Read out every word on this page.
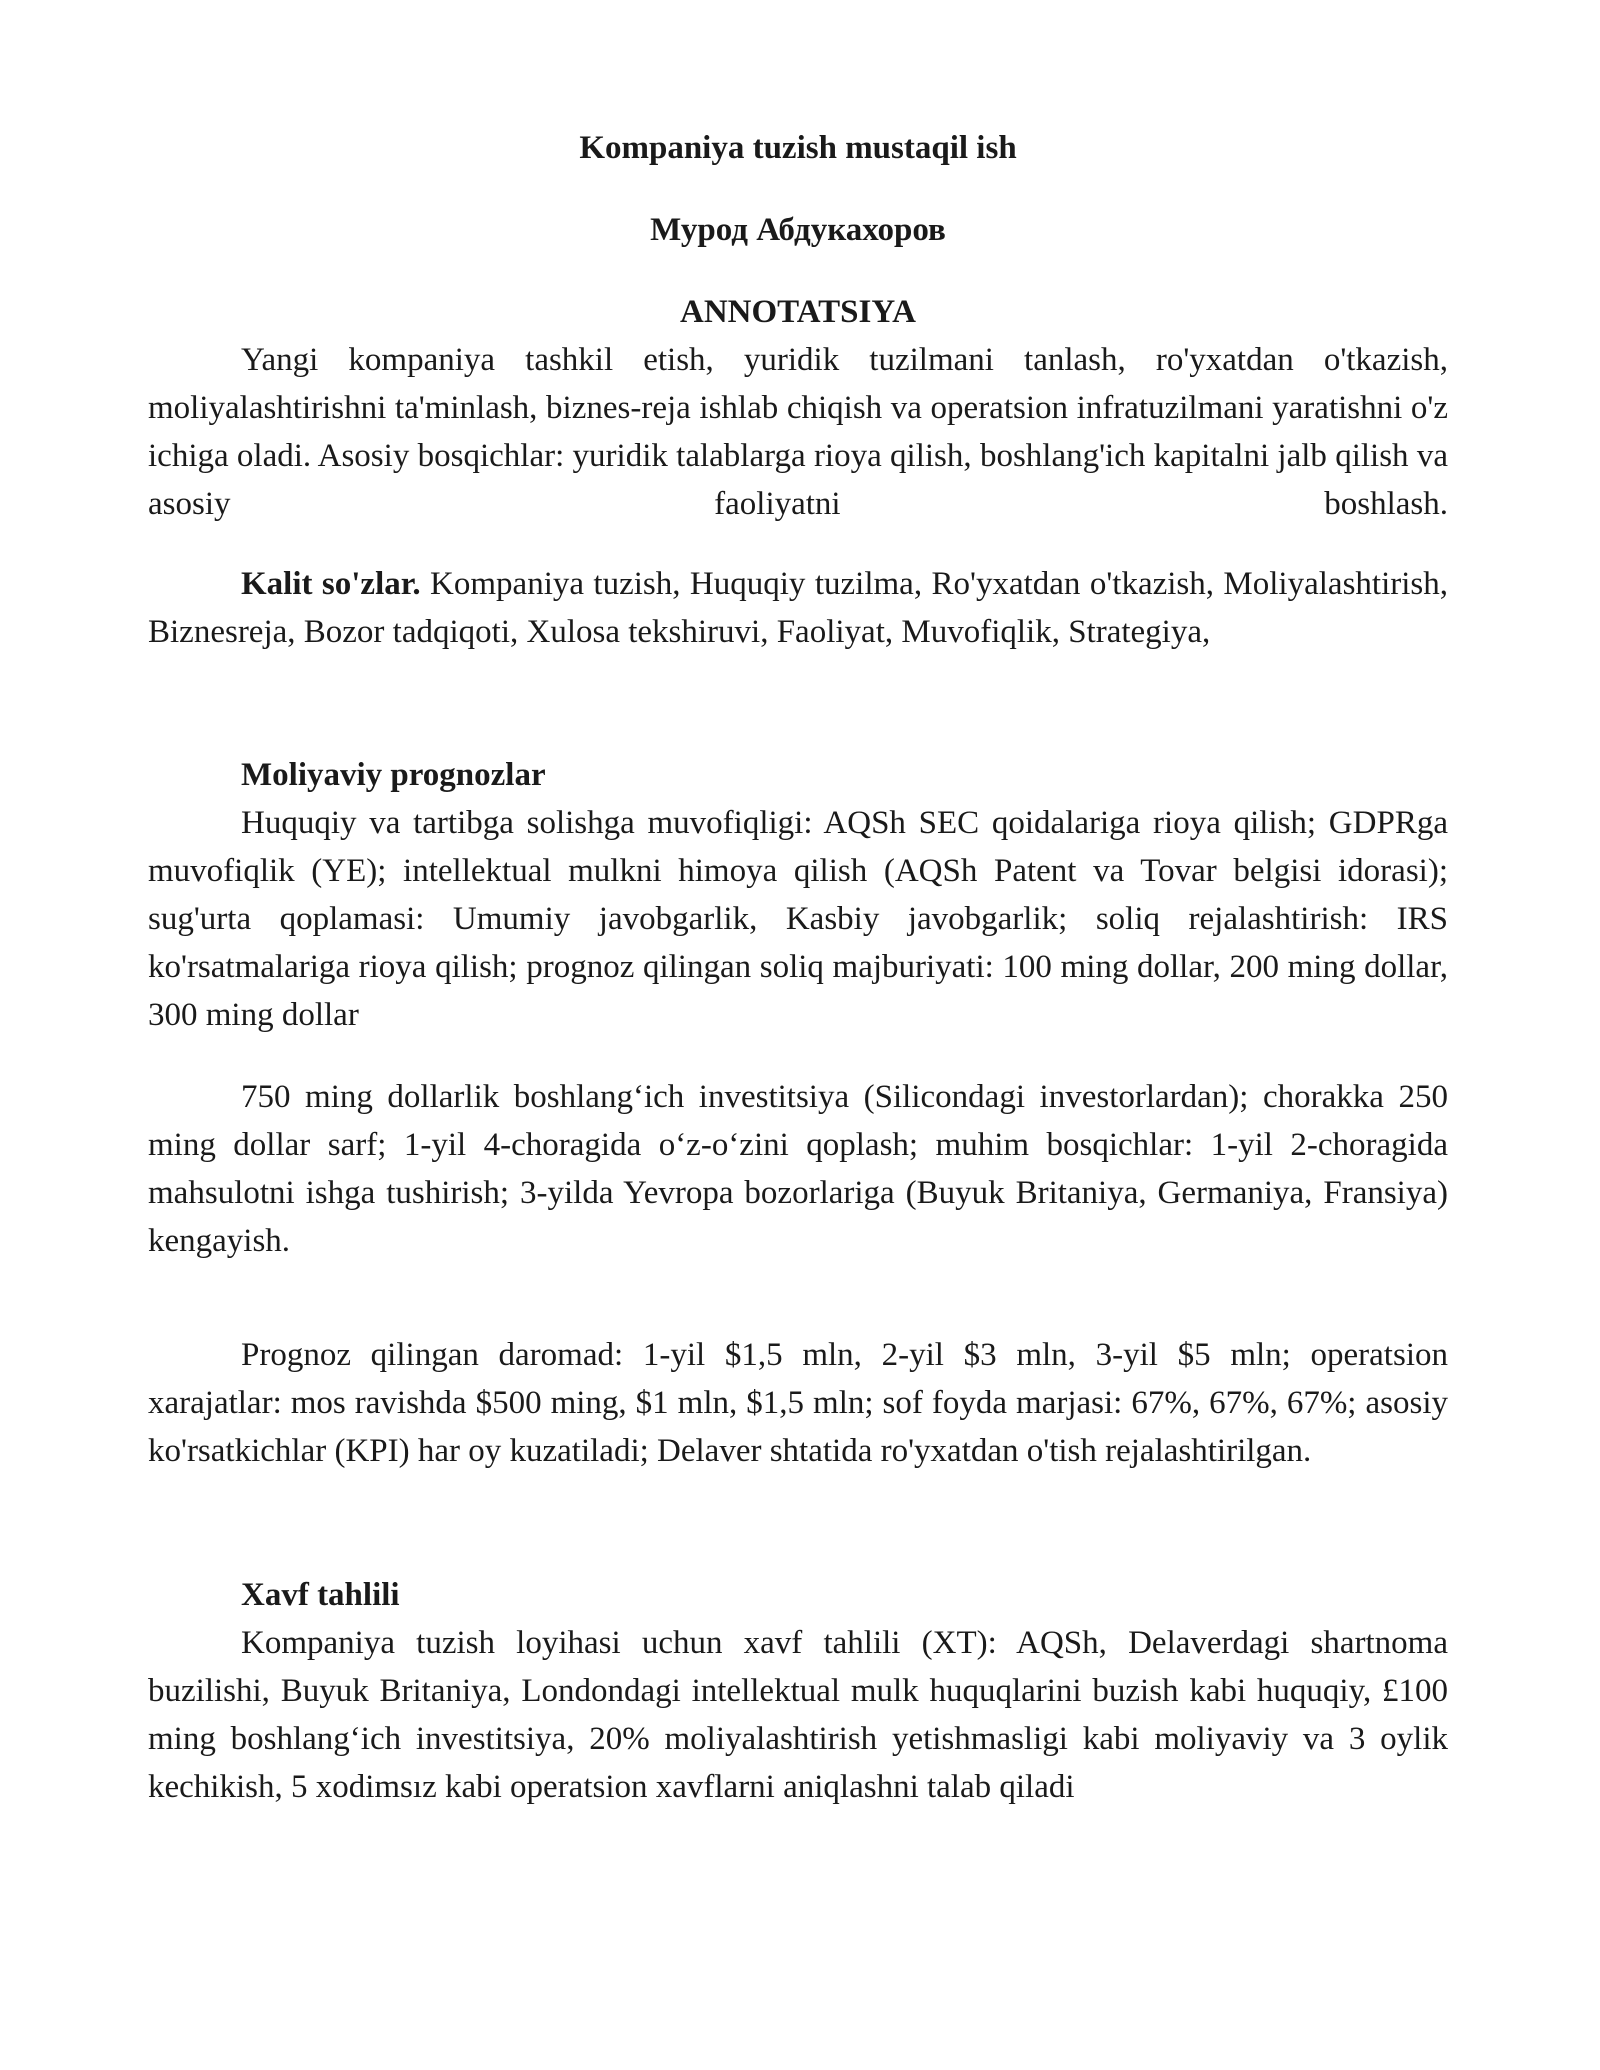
Kompaniya tuzish mustaqil ish
Мурод Абдукахоров
ANNOTATSIYA

Yangi kompaniya tashkil etish, yuridik tuzilmani tanlash, ro'yxatdan o'tkazish, moliyalashtirishni ta'minlash, biznes-reja ishlab chiqish va operatsion infratuzilmani yaratishni o'z ichiga oladi. Asosiy bosqichlar: yuridik talablarga rioya qilish, boshlang'ich kapitalni jalb qilish va asosiy faoliyatni boshlash.

Kalit so'zlar. Kompaniya tuzish, Huquqiy tuzilma, Ro'yxatdan o'tkazish, Moliyalashtirish, Biznesreja, Bozor tadqiqoti, Xulosa tekshiruvi, Faoliyat, Muvofiqlik, Strategiya,

Moliyaviy prognozlar

Huquqiy va tartibga solishga muvofiqligi: AQSh SEC qoidalariga rioya qilish; GDPRga muvofiqlik (YE); intellektual mulkni himoya qilish (AQSh Patent va Tovar belgisi idorasi); sug'urta qoplamasi: Umumiy javobgarlik, Kasbiy javobgarlik; soliq rejalashtirish: IRS ko'rsatmalariga rioya qilish; prognoz qilingan soliq majburiyati: 100 ming dollar, 200 ming dollar, 300 ming dollar

750 ming dollarlik boshlang‘ich investitsiya (Silicondagi investorlardan); chorakka 250 ming dollar sarf; 1-yil 4-choragida o‘z-o‘zini qoplash; muhim bosqichlar: 1-yil 2-choragida mahsulotni ishga tushirish; 3-yilda Yevropa bozorlariga (Buyuk Britaniya, Germaniya, Fransiya) kengayish.

Prognoz qilingan daromad: 1-yil $1,5 mln, 2-yil $3 mln, 3-yil $5 mln; operatsion xarajatlar: mos ravishda $500 ming, $1 mln, $1,5 mln; sof foyda marjasi: 67%, 67%, 67%; asosiy ko'rsatkichlar (KPI) har oy kuzatiladi; Delaver shtatida ro'yxatdan o'tish rejalashtirilgan.

Xavf tahlili

Kompaniya tuzish loyihasi uchun xavf tahlili (XT): AQSh, Delaverdagi shartnoma buzilishi, Buyuk Britaniya, Londondagi intellektual mulk huquqlarini buzish kabi huquqiy, £100 ming boshlang‘ich investitsiya, 20% moliyalashtirish yetishmasligi kabi moliyaviy va 3 oylik kechikish, 5 xodimsız kabi operatsion xavflarni aniqlashni talab qiladi
